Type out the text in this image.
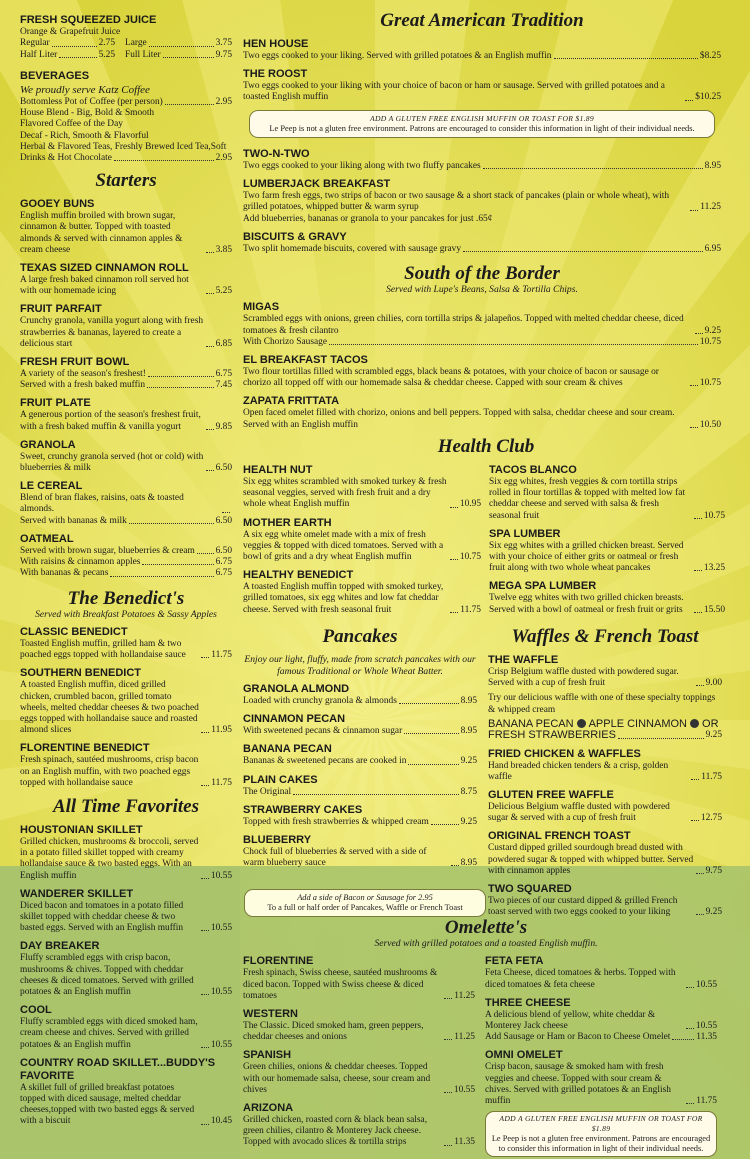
FRESH SQUEEZED JUICE
Orange & Grapefruit Juice
Regular	2.75 Large	3.75
Half Liter	5.25 Full Liter	9.75
BEVERAGES
We proudly serve Katz Coffee
Bottomless Pot of Coffee (per person)	2.95
House Blend - Big, Bold & Smooth
Flavored Coffee of the Day
Decaf - Rich, Smooth & Flavorful
Herbal & Flavored Teas, Freshly Brewed Iced Tea,Soft
Drinks & Hot Chocolate	2.95
Starters
GOOEY BUNS
English muffin broiled with brown sugar, cinnamon & butter. Topped with toasted almonds & served with cinnamon apples & cream cheese	3.85
TEXAS SIZED CINNAMON ROLL
A large fresh baked cinnamon roll served hot with our homemade icing	5.25
FRUIT PARFAIT
Crunchy granola, vanilla yogurt along with fresh strawberries & bananas, layered to create a delicious start	6.85
FRESH FRUIT BOWL
A variety of the season's freshest!	6.75
Served with a fresh baked muffin	7.45
FRUIT PLATE
A generous portion of the season's freshest fruit, with a fresh baked muffin & vanilla yogurt	9.85
GRANOLA
Sweet, crunchy granola served (hot or cold) with blueberries & milk	6.50
LE CEREAL
Blend of bran flakes, raisins, oats & toasted almonds.
Served with bananas & milk	6.50
OATMEAL
Served with brown sugar, blueberries & cream 6.50
With raisins & cinnamon apples	6.75
With bananas & pecans	6.75
The Benedict's
Served with Breakfast Potatoes & Sassy Apples
CLASSIC BENEDICT
Toasted English muffin, grilled ham & two poached eggs topped with hollandaise sauce	11.75
SOUTHERN BENEDICT
A toasted English muffin, diced grilled chicken, crumbled bacon, grilled tomato wheels, melted cheddar cheeses & two poached eggs topped with hollandaise sauce and roasted almond slices	11.95
FLORENTINE BENEDICT
Fresh spinach, sautéed mushrooms, crisp bacon on an English muffin, with two poached eggs topped with hollandaise sauce	11.75
All Time Favorites
HOUSTONIAN SKILLET
Grilled chicken, mushrooms & broccoli, served in a potato filled skillet topped with creamy hollandaise sauce & two basted eggs. With an English muffin	10.55
WANDERER SKILLET
Diced bacon and tomatoes in a potato filled skillet topped with cheddar cheese & two basted eggs. Served with an English muffin	10.55
DAY BREAKER
Fluffy scrambled eggs with crisp bacon, mushrooms & chives. Topped with cheddar cheeses & diced tomatoes. Served with grilled potatoes & an English muffin	10.55
COOL
Fluffy scrambled eggs with diced smoked ham, cream cheese and chives. Served with grilled potatoes & an English muffin	10.55
COUNTRY ROAD SKILLET...BUDDY'S FAVORITE
A skillet full of grilled breakfast potatoes topped with diced sausage, melted cheddar cheeses,topped with two basted eggs & served with a biscuit	10.45
Great American Tradition
HEN HOUSE
Two eggs cooked to your liking. Served with grilled potatoes & an English muffin	$8.25
THE ROOST
Two eggs cooked to your liking with your choice of bacon or ham or sausage. Served with grilled potatoes and a toasted English muffin	$10.25
ADD A GLUTEN FREE ENGLISH MUFFIN OR TOAST FOR $1.89
Le Peep is not a gluten free environment. Patrons are encouraged to consider this information in light of their individual needs.
TWO-N-TWO
Two eggs cooked to your liking along with two fluffy pancakes	8.95
LUMBERJACK BREAKFAST
Two farm fresh eggs, two strips of bacon or two sausage & a short stack of pancakes (plain or whole wheat), with grilled potatoes, whipped butter & warm syrup	11.25
Add blueberries, bananas or granola to your pancakes for just .65¢
BISCUITS & GRAVY
Two split homemade biscuits, covered with sausage gravy	6.95
South of the Border
Served with Lupe's Beans, Salsa & Tortilla Chips.
MIGAS
Scrambled eggs with onions, green chilies, corn tortilla strips & jalapeños. Topped with melted cheddar cheese, diced tomatoes & fresh cilantro	9.25
With Chorizo Sausage	10.75
EL BREAKFAST TACOS
Two flour tortillas filled with scrambled eggs, black beans & potatoes, with your choice of bacon or sausage or chorizo all topped off with our homemade salsa & cheddar cheese. Capped with sour cream & chives	10.75
ZAPATA FRITTATA
Open faced omelet filled with chorizo, onions and bell peppers. Topped with salsa, cheddar cheese and sour cream. Served with an English muffin	10.50
Health Club
HEALTH NUT
Six egg whites scrambled with smoked turkey & fresh seasonal veggies, served with fresh fruit and a dry whole wheat English muffin	10.95
MOTHER EARTH
A six egg white omelet made with a mix of fresh veggies & topped with diced tomatoes. Served with a bowl of grits and a dry wheat English muffin	10.75
HEALTHY BENEDICT
A toasted English muffin topped with smoked turkey, grilled tomatoes, six egg whites and low fat cheddar cheese. Served with fresh seasonal fruit	11.75
TACOS BLANCO
Six egg whites, fresh veggies & corn tortilla strips rolled in flour tortillas & topped with melted low fat cheddar cheese and served with salsa & fresh seasonal fruit	10.75
SPA LUMBER
Six egg whites with a grilled chicken breast. Served with your choice of either grits or oatmeal or fresh fruit along with two whole wheat pancakes	13.25
MEGA SPA LUMBER
Twelve egg whites with two grilled chicken breasts. Served with a bowl of oatmeal or fresh fruit or grits	15.50
Pancakes
Enjoy our light, fluffy, made from scratch pancakes with our famous Traditional or Whole Wheat Batter.
GRANOLA ALMOND
Loaded with crunchy granola & almonds	8.95
CINNAMON PECAN
With sweetened pecans & cinnamon sugar	8.95
BANANA PECAN
Bananas & sweetened pecans are cooked in	9.25
PLAIN CAKES
The Original	8.75
STRAWBERRY CAKES
Topped with fresh strawberries & whipped cream	9.25
BLUEBERRY
Chock full of blueberries & served with a side of warm blueberry sauce	8.95
Add a side of Bacon or Sausage for 2.95
To a full or half order of Pancakes, Waffle or French Toast
Waffles & French Toast
THE WAFFLE
Crisp Belgium waffle dusted with powdered sugar. Served with a cup of fresh fruit	9.00
Try our delicious waffle with one of these specialty toppings & whipped cream
BANANA PECAN APPLE CINNAMON OR
FRESH STRAWBERRIES	9.25
FRIED CHICKEN & WAFFLES
Hand breaded chicken tenders & a crisp, golden waffle	11.75
GLUTEN FREE WAFFLE
Delicious Belgium waffle dusted with powdered sugar & served with a cup of fresh fruit	12.75
ORIGINAL FRENCH TOAST
Custard dipped grilled sourdough bread dusted with powdered sugar & topped with whipped butter. Served with cinnamon apples	9.75
TWO SQUARED
Two pieces of our custard dipped & grilled French toast served with two eggs cooked to your liking	9.25
Omelette's
Served with grilled potatoes and a toasted English muffin.
FLORENTINE
Fresh spinach, Swiss cheese, sautéed mushrooms & diced bacon. Topped with Swiss cheese & diced tomatoes	11.25
WESTERN
The Classic. Diced smoked ham, green peppers, cheddar cheeses and onions	11.25
SPANISH
Green chilies, onions & cheddar cheeses. Topped with our homemade salsa, cheese, sour cream and chives	10.55
ARIZONA
Grilled chicken, roasted corn & black bean salsa, green chilies, cilantro & Monterey Jack cheese. Topped with avocado slices & tortilla strips	11.35
FETA FETA
Feta Cheese, diced tomatoes & herbs. Topped with diced tomatoes & feta cheese	10.55
THREE CHEESE
A delicious blend of yellow, white cheddar & Monterey Jack cheese	10.55
Add Sausage or Ham or Bacon to Cheese Omelet	11.35
OMNI OMELET
Crisp bacon, sausage & smoked ham with fresh veggies and cheese. Topped with sour cream & chives. Served with grilled potatoes & an English muffin	11.75
ADD A GLUTEN FREE ENGLISH MUFFIN OR TOAST FOR $1.89
Le Peep is not a gluten free environment. Patrons are encouraged to consider this information in light of their individual needs.
